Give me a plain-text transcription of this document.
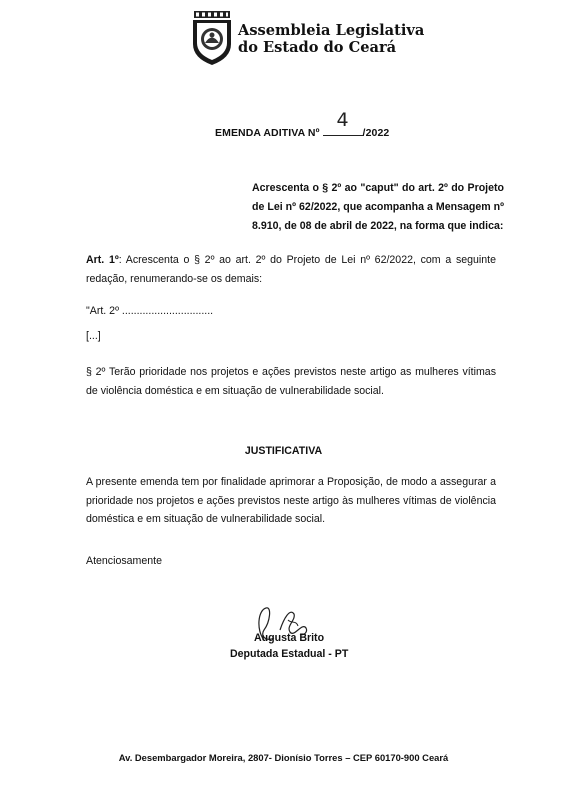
Assembleia Legislativa
do Estado do Ceará
EMENDA ADITIVA Nº
4
/2022
Acrescenta o § 2º ao "caput" do art. 2º do Projeto de Lei nº 62/2022, que acompanha a Mensagem nº 8.910, de 08 de abril de 2022, na forma que indica:
Art. 1º: Acrescenta o § 2º ao art. 2º do Projeto de Lei nº 62/2022, com a seguinte redação, renumerando-se os demais:
"Art. 2º ...............................
[...]
§ 2º Terão prioridade nos projetos e ações previstos neste artigo as mulheres vítimas de violência doméstica e em situação de vulnerabilidade social.
JUSTIFICATIVA
A presente emenda tem por finalidade aprimorar a Proposição, de modo a assegurar a prioridade nos projetos e ações previstos neste artigo às mulheres vítimas de violência doméstica e em situação de vulnerabilidade social.
Atenciosamente
Augusta Brito
Deputada Estadual - PT
Av. Desembargador Moreira, 2807- Dionísio Torres – CEP 60170-900 Ceará
